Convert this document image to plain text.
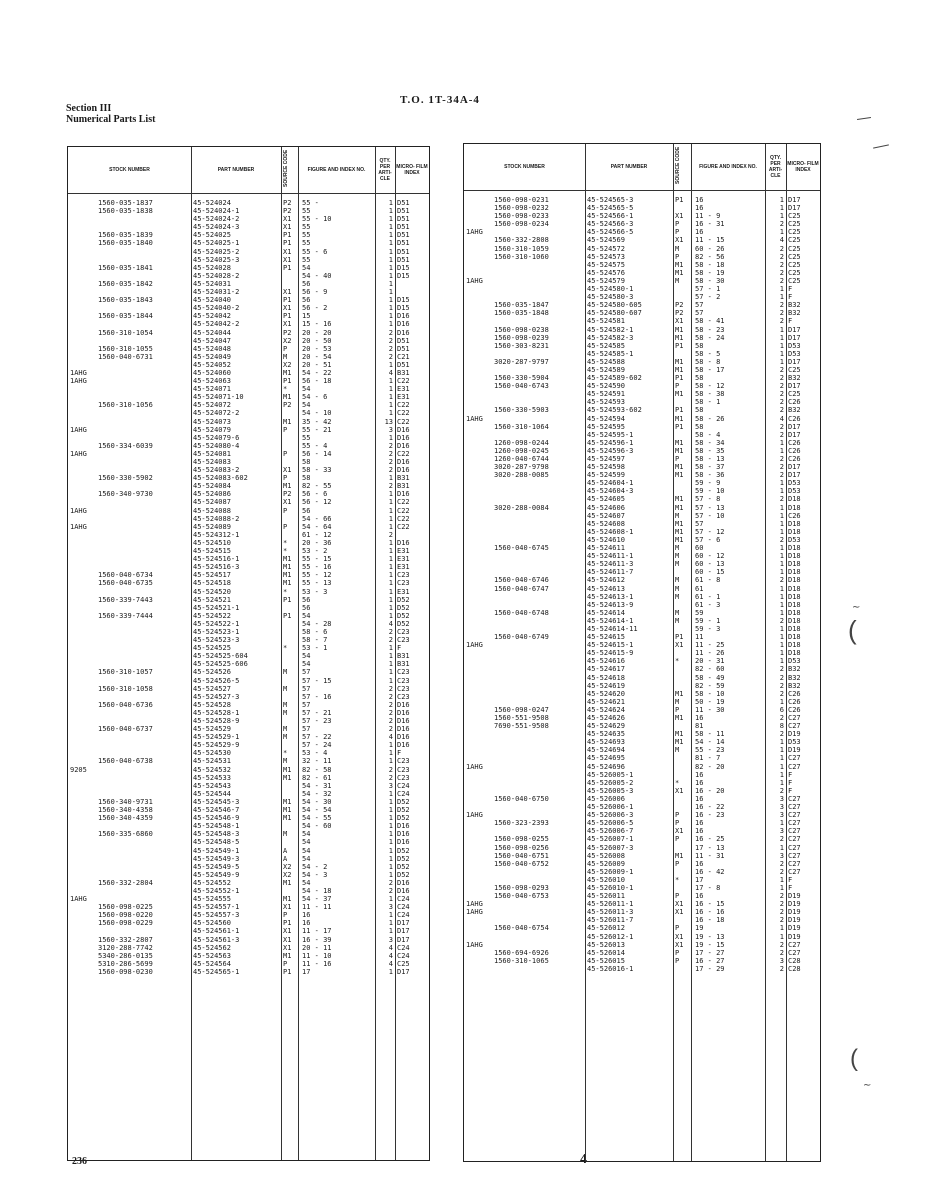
Section III
Numerical Parts List
T.O. 1T-34A-4
236	4
STOCK NUMBER	PART NUMBER	FIGURE AND INDEX NO.
QTY. PER ARTI- CLE
MICRO- FILM INDEX
SOURCE CODE
1560-035-1837	45-524024	P2 55 -	1 D51
1560-035-1838	45-524024-1	P2 55	1 D51
45-524024-2	X1 55 - 10	1 D51
45-524024-3	X1 55	1 D51
1560-035-1839	45-524025	P1 55	1 D51
1560-035-1840	45-524025-1	P1 55	1 D51
45-524025-2	X1 55 - 6	1 D51
45-524025-3	X1 55	1 D51
1560-035-1841	45-524028	P1 54	1 D15
45-524028-2	54 - 40	1 D15
1560-035-1842	45-524031	56	1
45-524031-2	X1 56 - 9	1
1560-035-1843	45-524040	P1 56	1 D15
45-524040-2	X1 56 - 2	1 D15
1560-035-1844	45-524042	P1 15	1 D16
45-524042-2	X1 15 - 16	1 D16
1560-310-1054	45-524044	P2 20 - 20	2 D16
45-524047	X2 20 - 50	2 D51
1560-310-1055	45-524048	P 20 - 53	2 D51
1560-040-6731	45-524049	M 20 - 54	2 C21
45-524052	X2 20 - 51	1 D51
1AHG	45-524060	M1 54 - 22	4 B31
1AHG	45-524063	P1 56 - 18	1 C22
45-524071	* 54	1 E31
45-524071-10	M1 54 - 6	1 E31
1560-310-1056	45-524072	P2 54	1 C22
45-524072-2	54 - 10	1 C22
45-524073	M1 35 - 42	13 C22
1AHG	45-524079	P 55 - 21	3 D16
45-524079-6	55	1 D16
1560-334-6039	45-524080-4	55 - 4	2 D16
1AHG	45-524081	P 56 - 14	2 C22
45-524083	58	2 D16
45-524083-2	X1 58 - 33	2 D16
1560-330-5902	45-524083-602	P 58	1 B31
45-524084	M1 82 - 55	2 B31
1560-340-9730	45-524086	P2 56 - 6	1 D16
45-524087	X1 56 - 12	1 C22
1AHG	45-524088	P 56	1 C22
45-524088-2	54 - 66	1 C22
1AHG	45-524089	P 54 - 64	1 C22
45-524312-1	61 - 12	2
45-524510	* 20 - 36	1 D16
45-524515	* 53 - 2	1 E31
45-524516-1	M1 55 - 15	1 E31
45-524516-3	M1 55 - 16	1 E31
1560-040-6734	45-524517	M1 55 - 12	1 C23
1560-040-6735	45-524518	M1 55 - 13	1 C23
45-524520	* 53 - 3	1 E31
1560-339-7443	45-524521	P1 56	1 D52
45-524521-1	56	1 D52
1560-339-7444	45-524522	P1 54	1 D52
45-524522-1	54 - 28	4 D52
45-524523-1	58 - 6	2 C23
45-524523-3	58 - 7	2 C23
45-524525	* 53 - 1	1 F
45-524525-604	54	1 B31
45-524525-606	54	1 B31
1560-310-1057	45-524526	M 57	1 C23
45-524526-5	57 - 15	1 C23
1560-310-1058	45-524527	M 57	2 C23
45-524527-3	57 - 16	2 C23
1560-040-6736	45-524528	M 57	2 D16
45-524528-1	M 57 - 21	2 D16
45-524528-9	57 - 23	2 D16
1560-040-6737	45-524529	M 57	2 D16
45-524529-1	M 57 - 22	4 D16
45-524529-9	57 - 24	1 D16
45-524530	* 53 - 4	1 F
1560-040-6738	45-524531	M 32 - 11	1 C23
9205	45-524532	M1 82 - 58	2 C23
45-524533	M1 82 - 61	2 C23
45-524543	54 - 31	3 C24
45-524544	54 - 32	1 C24
1560-340-9731	45-524545-3	M1 54 - 30	1 D52
1560-340-4358	45-524546-7	M1 54 - 54	1 D52
1560-340-4359	45-524546-9	M1 54 - 55	1 D52
45-524548-1	54 - 60	1 D16
1560-335-6860	45-524548-3	M 54	1 D16
45-524548-5	54	1 D16
45-524549-1	A 54	1 D52
45-524549-3	A 54	1 D52
45-524549-5	X2 54 - 2	1 D52
45-524549-9	X2 54 - 3	1 D52
1560-332-2804	45-524552	M1 54	2 D16
45-524552-1	54 - 18	2 D16
1AHG	45-524555	M1 54 - 37	1 C24
1560-098-0225	45-524557-1	X1 11 - 11	3 C24
1560-098-0220	45-524557-3	P 16	1 C24
1560-098-0229	45-524560	P1 16	1 D17
45-524561-1	X1 11 - 17	1 D17
1560-332-2807	45-524561-3	X1 16 - 39	3 D17
3120-288-7742	45-524562	X1 20 - 11	4 C24
5340-286-0135	45-524563	M1 11 - 10	4 C24
5310-286-5699	45-524564	P 11 - 16	4 C25
1560-098-0230	45-524565-1	P1 17	1 D17
STOCK NUMBER	PART NUMBER	FIGURE AND INDEX NO.
QTY. PER ARTI- CLE
MICRO- FILM INDEX
SOURCE CODE
1560-098-0231	45-524565-3	P1 16	1 D17
1560-098-0232	45-524565-5	16	1 D17
1560-098-0233	45-524566-1	X1 11 - 9	1 C25
1560-098-0234	45-524566-3	P 16 - 31	2 C25
1AHG	45-524566-5	P 16	1 C25
1560-332-2808	45-524569	X1 11 - 15	4 C25
1560-310-1059	45-524572	M 60 - 26	2 C25
1560-310-1060	45-524573	P 82 - 56	2 C25
45-524575	M1 58 - 18	2 C25
45-524576	M1 58 - 19	2 C25
1AHG	45-524579	M 58 - 30	2 C25
45-524580-1	57 - 1	1 F
45-524580-3	57 - 2	1 F
1560-035-1847	45-524580-605	P2 57	2 B32
1560-035-1848	45-524580-607	P2 57	2 B32
45-524581	X1 58 - 41	2 F
1560-098-0238	45-524582-1	M1 58 - 23	1 D17
1560-098-0239	45-524582-3	M1 58 - 24	1 D17
1560-303-8231	45-524585	P1 58	1 D53
45-524585-1	58 - 5	1 D53
3020-287-9797	45-524588	M1 58 - 8	1 D17
45-524589	M1 58 - 17	2 C25
1560-330-5904	45-524589-602	P1 58	2 B32
1560-040-6743	45-524590	P 58 - 12	2 D17
45-524591	M1 58 - 38	2 C25
45-524593	58 - 1	2 C26
1560-330-5903	45-524593-602	P1 58	2 B32
1AHG	45-524594	M1 58 - 26	4 C26
1560-310-1064	45-524595	P1 58	2 D17
45-524595-1	58 - 4	2 D17
1260-098-0244	45-524596-1	M1 58 - 34	1 C26
1260-098-0245	45-524596-3	M1 58 - 35	1 C26
1260-040-6744	45-524597	P 58 - 13	2 C26
3020-287-9798	45-524598	M1 58 - 37	2 D17
3020-288-0085	45-524599	M1 58 - 36	2 D17
45-524604-1	59 - 9	1 D53
45-524604-3	59 - 10	1 D53
45-524605	M1 57 - 8	2 D18
3020-288-0084	45-524606	M1 57 - 13	1 D18
45-524607	M 57 - 10	1 C26
45-524608	M1 57	1 D18
45-524608-1	M1 57 - 12	1 D18
45-524610	M1 57 - 6	2 D53
1560-040-6745	45-524611	M 60	1 D18
45-524611-1	M 60 - 12	1 D18
45-524611-3	M 60 - 13	1 D18
45-524611-7	60 - 15	1 D18
1560-040-6746	45-524612	M 61 - 8	2 D18
1560-040-6747	45-524613	M 61	1 D18
45-524613-1	M 61 - 1	1 D18
45-524613-9	61 - 3	1 D18
1560-040-6748	45-524614	M 59	1 D18
45-524614-1	M 59 - 1	2 D18
45-524614-11	59 - 3	1 D18
1560-040-6749	45-524615	P1 11	1 D18
1AHG	45-524615-1	X1 11 - 25	1 D18
45-524615-9	11 - 26	1 D18
45-524616	* 20 - 31	1 D53
45-524617	82 - 60	2 B32
45-524618	58 - 49	2 B32
45-524619	82 - 59	2 B32
45-524620	M1 58 - 10	2 C26
45-524621	M 50 - 19	1 C26
1560-098-0247	45-524624	P 11 - 30	6 C26
1560-551-9508	45-524626	M1 16	2 C27
7690-551-9508	45-524629	81	8 C27
45-524635	M1 58 - 11	2 D19
45-524693	M1 54 - 14	1 D53
45-524694	M 55 - 23	1 D19
45-524695	81 - 7	1 C27
1AHG	45-524696	82 - 20	1 C27
45-526005-1	16	1 F
45-526005-2	* 16	1 F
45-526005-3	X1 16 - 20	2 F
1560-040-6750	45-526006	16	3 C27
45-526006-1	16 - 22	3 C27
1AHG	45-526006-3	P 16 - 23	3 C27
1560-323-2393	45-526006-5	P 16	1 C27
45-526006-7	X1 16	3 C27
1560-098-0255	45-526007-1	P 16 - 25	2 C27
1560-098-0256	45-526007-3	17 - 13	1 C27
1560-040-6751	45-526008	M1 11 - 31	3 C27
1560-040-6752	45-526009	P 16	2 C27
45-526009-1	16 - 42	2 C27
45-526010	* 17	1 F
1560-098-0293	45-526010-1	17 - 8	1 F
1560-040-6753	45-526011	P 16	2 D19
1AHG	45-526011-1	X1 16 - 15	2 D19
1AHG	45-526011-3	X1 16 - 16	2 D19
45-526011-7	16 - 18	2 D19
1560-040-6754	45-526012	P 19	1 D19
45-526012-1	X1 19 - 13	1 D19
1AHG	45-526013	X1 19 - 15	2 C27
1560-694-6926	45-526014	P 17 - 27	2 C27
1560-310-1065	45-526015	P 16 - 27	3 C28
45-526016-1	17 - 29	2 C28
∼
(
(
∼
